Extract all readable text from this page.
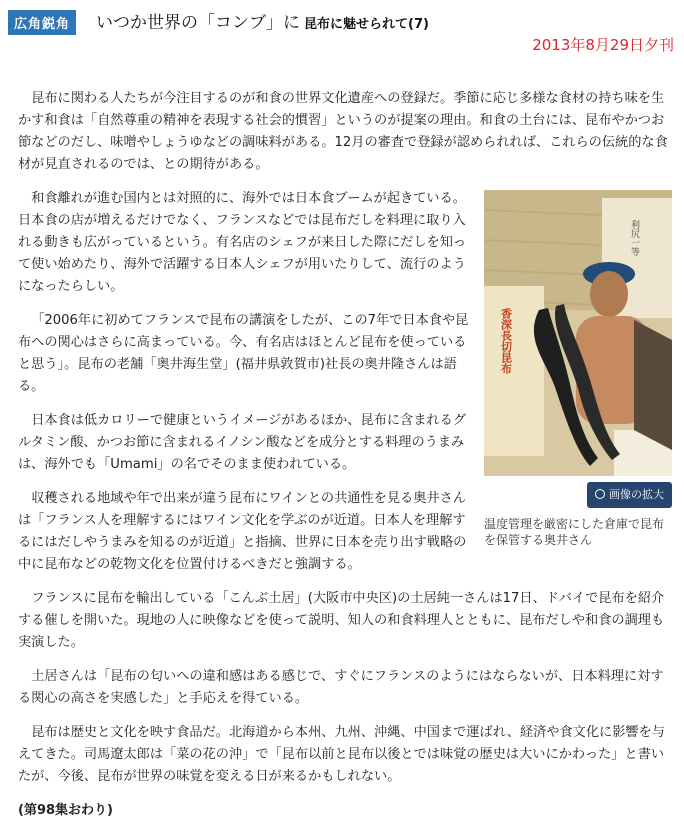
広角鋭角	いつか世界の「コンブ」に 昆布に魅せられて(7)
2013年8月29日夕刊

昆布に関わる人たちが今注目するのが和食の世界文化遺産への登録だ。季節に応じ多様な食材の持ち味を生かす和食は「自然尊重の精神を表現する社会的慣習」というのが提案の理由。和食の土台には、昆布やかつお節などのだし、味噌やしょうゆなどの調味料がある。12月の審査で登録が認められれば、これらの伝統的な食材が見直されるのでは、との期待がある。

利尻一等
香深長切昆布
画像の拡大
温度管理を厳密にした倉庫で昆布を保管する奥井さん

和食離れが進む国内とは対照的に、海外では日本食ブームが起きている。日本食の店が増えるだけでなく、フランスなどでは昆布だしを料理に取り入れる動きも広がっているという。有名店のシェフが来日した際にだしを知って使い始めたり、海外で活躍する日本人シェフが用いたりして、流行のようになったらしい。

「2006年に初めてフランスで昆布の講演をしたが、この7年で日本食や昆布への関心はさらに高まっている。今、有名店はほとんど昆布を使っていると思う」。昆布の老舗「奥井海生堂」(福井県敦賀市)社長の奥井隆さんは語る。

日本食は低カロリーで健康というイメージがあるほか、昆布に含まれるグルタミン酸、かつお節に含まれるイノシン酸などを成分とする料理のうまみは、海外でも「Umami」の名でそのまま使われている。

収穫される地域や年で出来が違う昆布にワインとの共通性を見る奥井さんは「フランス人を理解するにはワイン文化を学ぶのが近道。日本人を理解するにはだしやうまみを知るのが近道」と指摘、世界に日本を売り出す戦略の中に昆布などの乾物文化を位置付けるべきだと強調する。

フランスに昆布を輸出している「こんぶ土居」(大阪市中央区)の土居純一さんは17日、ドバイで昆布を紹介する催しを開いた。現地の人に映像などを使って説明、知人の和食料理人とともに、昆布だしや和食の調理も実演した。

土居さんは「昆布の匂いへの違和感はある感じで、すぐにフランスのようにはならないが、日本料理に対する関心の高さを実感した」と手応えを得ている。

昆布は歴史と文化を映す食品だ。北海道から本州、九州、沖縄、中国まで運ばれ、経済や食文化に影響を与えてきた。司馬遼太郎は「菜の花の沖」で「昆布以前と昆布以後とでは味覚の歴史は大いにかわった」と書いたが、今後、昆布が世界の味覚を変える日が来るかもしれない。

(第98集おわり)
